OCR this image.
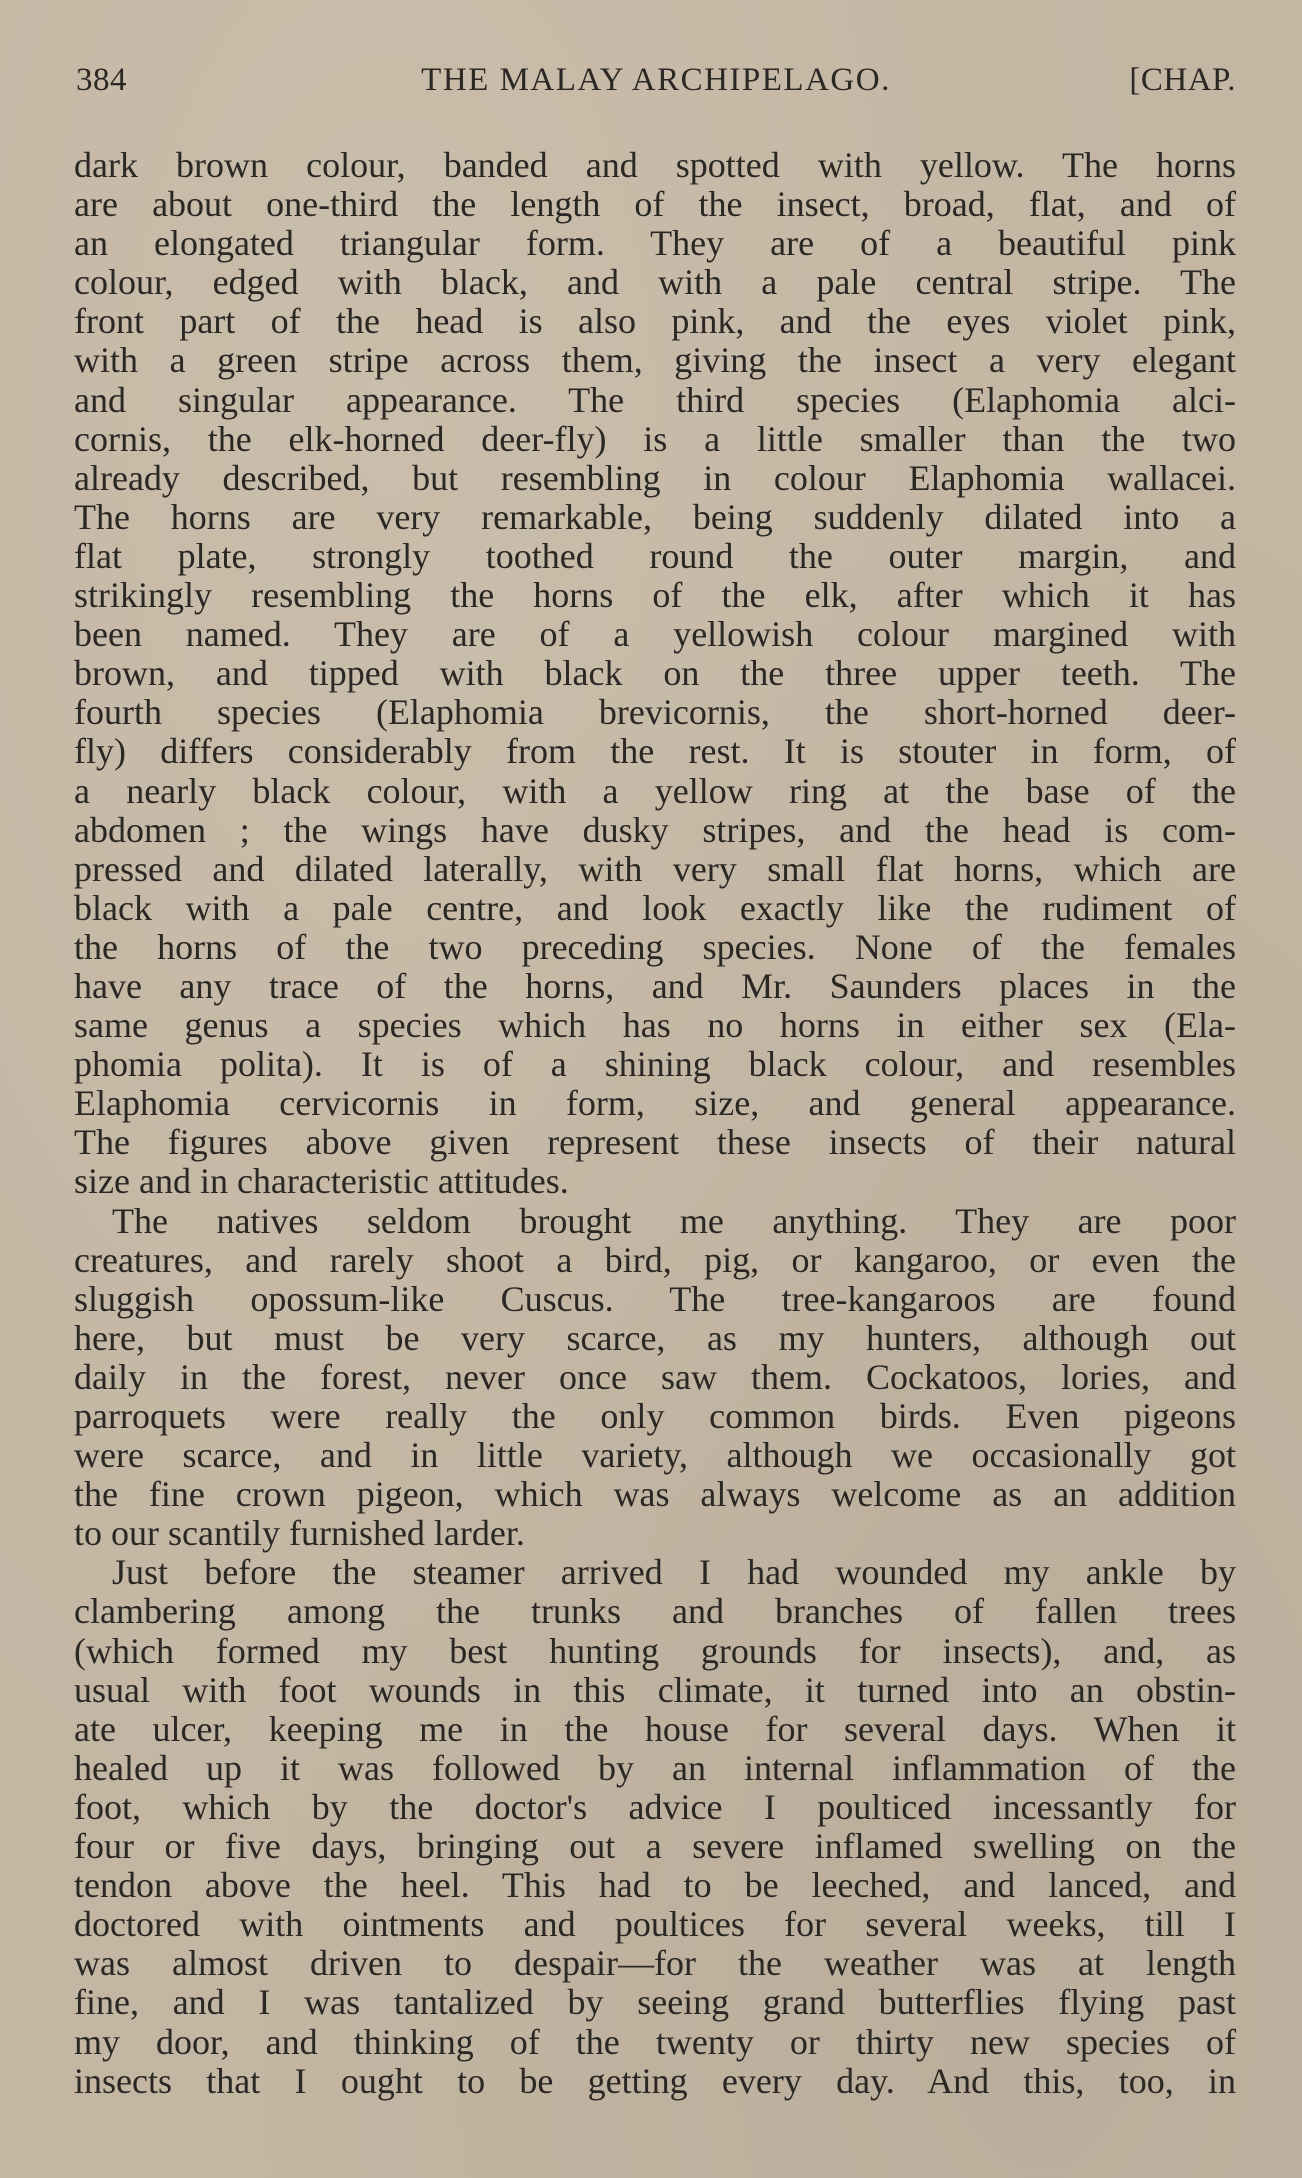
384	THE MALAY ARCHIPELAGO.	[CHAP.
dark brown colour, banded and spotted with yellow. The horns
are about one-third the length of the insect, broad, flat, and of
an elongated triangular form. They are of a beautiful pink
colour, edged with black, and with a pale central stripe. The
front part of the head is also pink, and the eyes violet pink,
with a green stripe across them, giving the insect a very elegant
and singular appearance. The third species (Elaphomia alci-
cornis, the elk-horned deer-fly) is a little smaller than the two
already described, but resembling in colour Elaphomia wallacei.
The horns are very remarkable, being suddenly dilated into a
flat plate, strongly toothed round the outer margin, and
strikingly resembling the horns of the elk, after which it has
been named. They are of a yellowish colour margined with
brown, and tipped with black on the three upper teeth. The
fourth species (Elaphomia brevicornis, the short-horned deer-
fly) differs considerably from the rest. It is stouter in form, of
a nearly black colour, with a yellow ring at the base of the
abdomen ; the wings have dusky stripes, and the head is com-
pressed and dilated laterally, with very small flat horns, which are
black with a pale centre, and look exactly like the rudiment of
the horns of the two preceding species. None of the females
have any trace of the horns, and Mr. Saunders places in the
same genus a species which has no horns in either sex (Ela-
phomia polita). It is of a shining black colour, and resembles
Elaphomia cervicornis in form, size, and general appearance.
The figures above given represent these insects of their natural
size and in characteristic attitudes.
The natives seldom brought me anything. They are poor
creatures, and rarely shoot a bird, pig, or kangaroo, or even the
sluggish opossum-like Cuscus. The tree-kangaroos are found
here, but must be very scarce, as my hunters, although out
daily in the forest, never once saw them. Cockatoos, lories, and
parroquets were really the only common birds. Even pigeons
were scarce, and in little variety, although we occasionally got
the fine crown pigeon, which was always welcome as an addition
to our scantily furnished larder.
Just before the steamer arrived I had wounded my ankle by
clambering among the trunks and branches of fallen trees
(which formed my best hunting grounds for insects), and, as
usual with foot wounds in this climate, it turned into an obstin-
ate ulcer, keeping me in the house for several days. When it
healed up it was followed by an internal inflammation of the
foot, which by the doctor's advice I poulticed incessantly for
four or five days, bringing out a severe inflamed swelling on the
tendon above the heel. This had to be leeched, and lanced, and
doctored with ointments and poultices for several weeks, till I
was almost driven to despair—for the weather was at length
fine, and I was tantalized by seeing grand butterflies flying past
my door, and thinking of the twenty or thirty new species of
insects that I ought to be getting every day. And this, too, in
